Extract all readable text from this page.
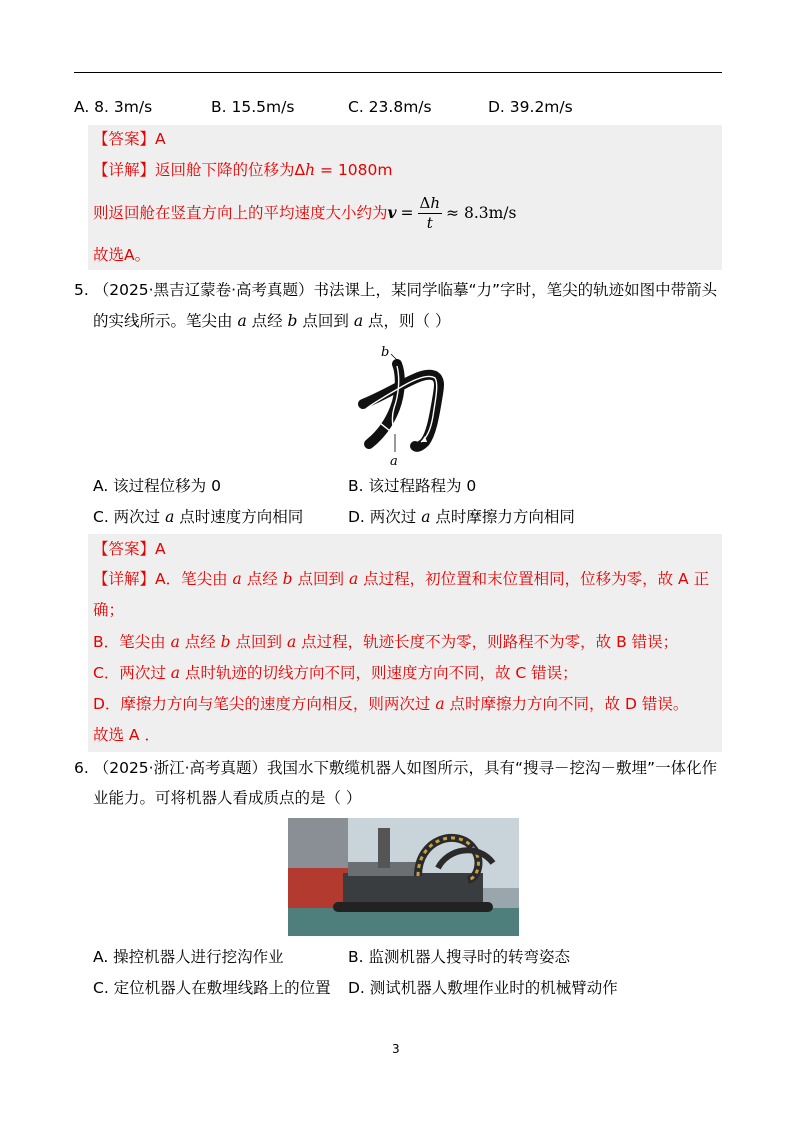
A. 8. 3m/s	B. 15.5m/s	C. 23.8m/s	D. 39.2m/s
【答案】A
【详解】返回舱下降的位移为Δh = 1080m
则返回舱在竖直方向上的平均速度大小约为$v = \frac{\Delta h}{t} \approx 8.3m/s$
故选A。
5. （2025·黑吉辽蒙卷·高考真题）书法课上，某同学临摹“力”字时，笔尖的轨迹如图中带箭头
的实线所示。笔尖由 a 点经 b 点回到 a 点，则（ ）
b
a
A. 该过程位移为 0	B. 该过程路程为 0
C. 两次过 a 点时速度方向相同	D. 两次过 a 点时摩擦力方向相同
【答案】A
【详解】A．笔尖由 a 点经 b 点回到 a 点过程，初位置和末位置相同，位移为零，故 A 正
确；
B．笔尖由 a 点经 b 点回到 a 点过程，轨迹长度不为零，则路程不为零，故 B 错误；
C．两次过 a 点时轨迹的切线方向不同，则速度方向不同，故 C 错误；
D．摩擦力方向与笔尖的速度方向相反，则两次过 a 点时摩擦力方向不同，故 D 错误。
故选 A ．
6. （2025·浙江·高考真题）我国水下敷缆机器人如图所示，具有“搜寻－挖沟－敷埋”一体化作
业能力。可将机器人看成质点的是（ ）
A. 操控机器人进行挖沟作业	B. 监测机器人搜寻时的转弯姿态
C. 定位机器人在敷埋线路上的位置 D. 测试机器人敷埋作业时的机械臂动作
3
